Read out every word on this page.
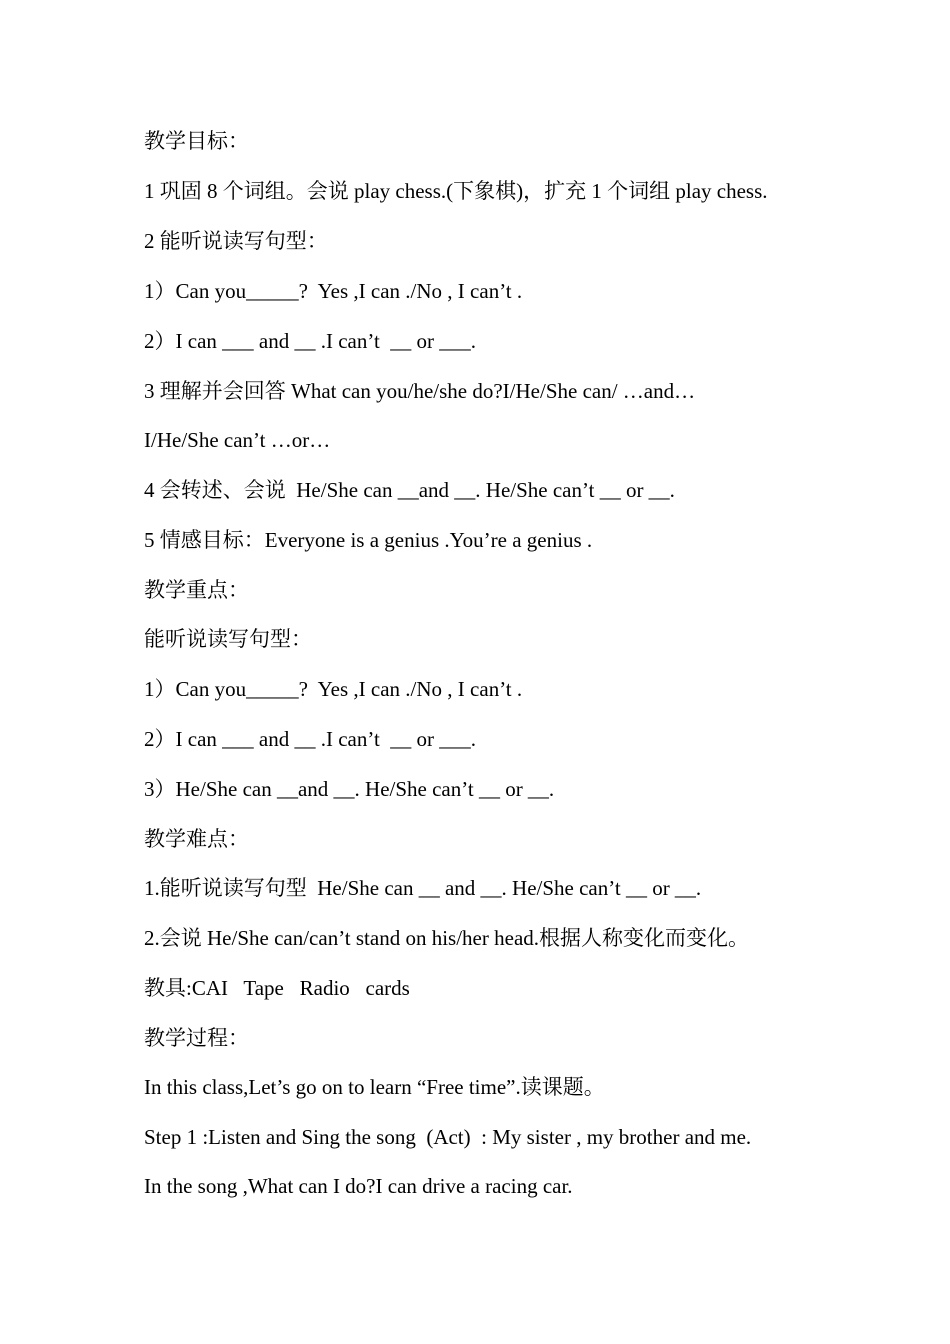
教学目标：
1 巩固 8 个词组。会说 play chess.(下象棋)，扩充 1 个词组 play chess.
2 能听说读写句型：
1）Can you_____?  Yes ,I can ./No , I can’t .
2）I can ___ and __ .I can’t  __ or ___.
3 理解并会回答 What can you/he/she do?I/He/She can/ …and…
I/He/She can’t …or…
4 会转述、会说  He/She can __and __. He/She can’t __ or __.
5 情感目标：Everyone is a genius .You’re a genius .
教学重点：
能听说读写句型：
1）Can you_____?  Yes ,I can ./No , I can’t .
2）I can ___ and __ .I can’t  __ or ___.
3）He/She can __and __. He/She can’t __ or __.
教学难点：
1.能听说读写句型  He/She can __ and __. He/She can’t __ or __.
2.会说 He/She can/can’t stand on his/her head.根据人称变化而变化。
教具:CAI   Tape   Radio   cards
教学过程：
In this class,Let’s go on to learn “Free time”.读课题。
Step 1 :Listen and Sing the song  (Act)  : My sister , my brother and me.
In the song ,What can I do?I can drive a racing car.
